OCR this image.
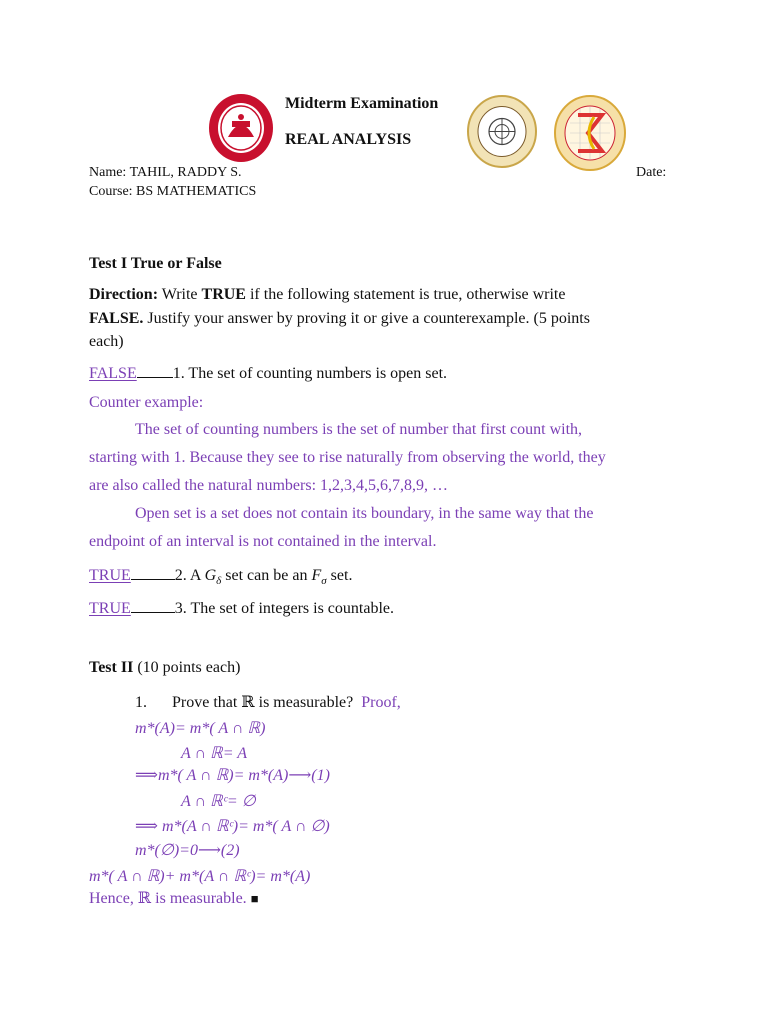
Midterm Examination
REAL ANALYSIS
Name: TAHIL, RADDY S.	Date:
Course: BS MATHEMATICS
Test I True or False
Direction: Write TRUE if the following statement is true, otherwise write
FALSE. Justify your answer by proving it or give a counterexample. (5 points
each)
FALSE 1. The set of counting numbers is open set.
Counter example:
The set of counting numbers is the set of number that first count with,
starting with 1. Because they see to rise naturally from observing the world, they
are also called the natural numbers: 1,2,3,4,5,6,7,8,9, …
Open set is a set does not contain its boundary, in the same way that the
endpoint of an interval is not contained in the interval.
TRUE	2. A $G_\delta$ set can be an $F_\sigma$ set.
TRUE	3. The set of integers is countable.
Test II (10 points each)
1. Prove that ℝ is measurable? Proof,
m*(A)= m*( A ∩ ℝ)
A ∩ ℝ= A
⟹m*( A ∩ ℝ)= m*(A)⟶(1)
A ∩ ℝᶜ= ∅
⟹ m*(A ∩ ℝᶜ)= m*( A ∩ ∅)
m*(∅)=0⟶(2)
m*( A ∩ ℝ)+ m*(A ∩ ℝᶜ)= m*(A)
Hence, ℝ is measurable. ■
